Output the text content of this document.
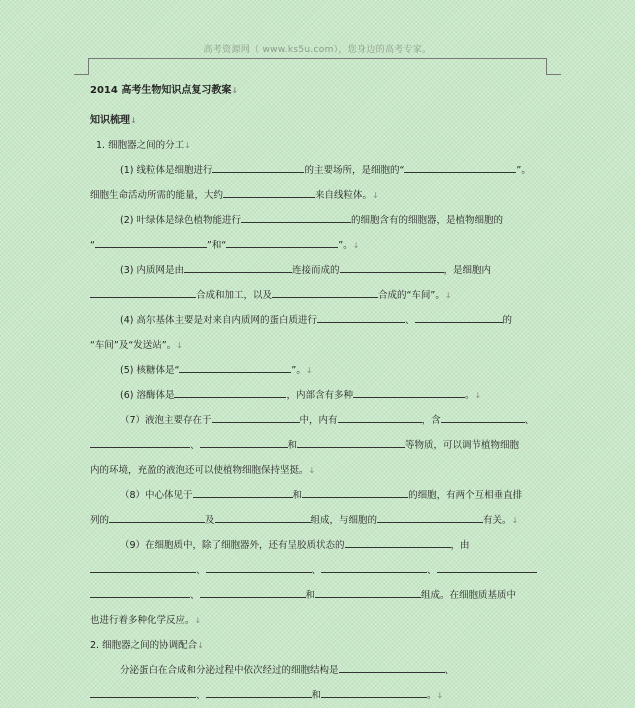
高考资源网（ www.ks5u.com），您身边的高考专家。

2014 高考生物知识点复习教案↓

知识梳理↓

1. 细胞器之间的分工↓

(1) 线粒体是细胞进行	的主要场所，是细胞的“	”。

细胞生命活动所需的能量，大约	来自线粒体。↓

(2) 叶绿体是绿色植物能进行	的细胞含有的细胞器，是植物细胞的

“	”和“	”。↓

(3) 内质网是由	连接而成的	，是细胞内

合成和加工，以及	合成的“车间”。↓

(4) 高尔基体主要是对来自内质网的蛋白质进行	、	的

“车间”及“发送站”。↓

(5) 核糖体是“	”。↓

(6) 溶酶体是	，内部含有多种	。↓

（7）液泡主要存在于	中，内有	，含	、

、	和	等物质，可以调节植物细胞

内的环境，充盈的液泡还可以使植物细胞保持坚挺。↓

（8）中心体见于	和	的细胞，有两个互相垂直排

列的	及	组成，与细胞的	有关。↓

（9）在细胞质中，除了细胞器外，还有呈胶质状态的	，由

、	、	、

、	和	组成。在细胞质基质中

也进行着多种化学反应。↓

2. 细胞器之间的协调配合↓

分泌蛋白在合成和分泌过程中依次经过的细胞结构是	、

、	和	。↓
